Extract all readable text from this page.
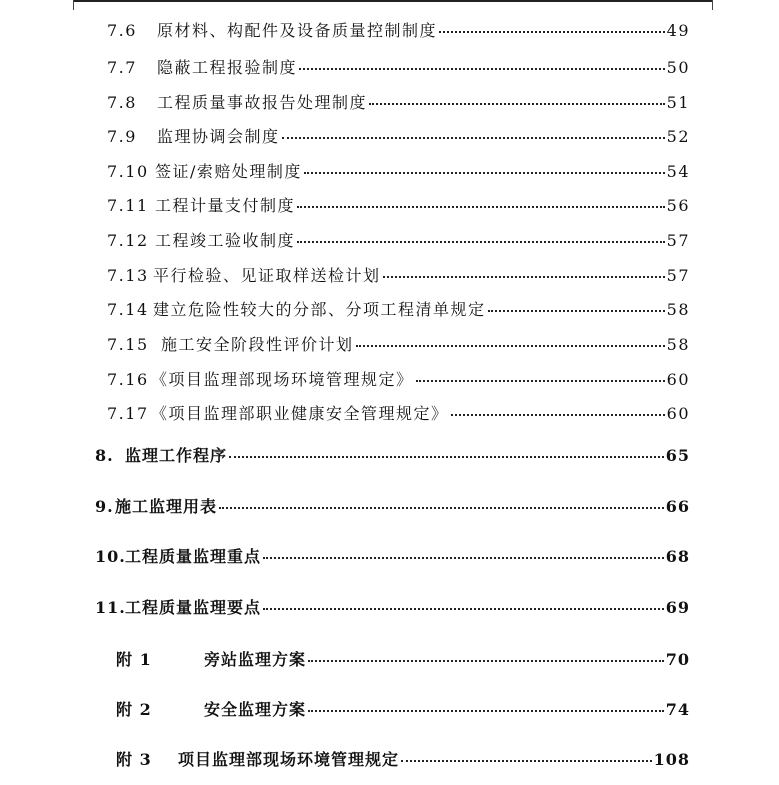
7.6	原材料、构配件及设备质量控制制度	49
7.7	隐蔽工程报验制度	50
7.8	工程质量事故报告处理制度	51
7.9	监理协调会制度	52
7.10 签证/索赔处理制度	54
7.11 工程计量支付制度	56
7.12 工程竣工验收制度	57
7.13 平行检验、见证取样送检计划	57
7.14 建立危险性较大的分部、分项工程清单规定	58
7.15 施工安全阶段性评价计划	58
7.16 《项目监理部现场环境管理规定》	60
7.17 《项目监理部职业健康安全管理规定》	60
8. 监理工作程序	65
9. 施工监理用表	66
10. 工程质量监理重点	68
11. 工程质量监理要点	69
附 1	旁站监理方案	70
附 2	安全监理方案	74
附 3	项目监理部现场环境管理规定	108
